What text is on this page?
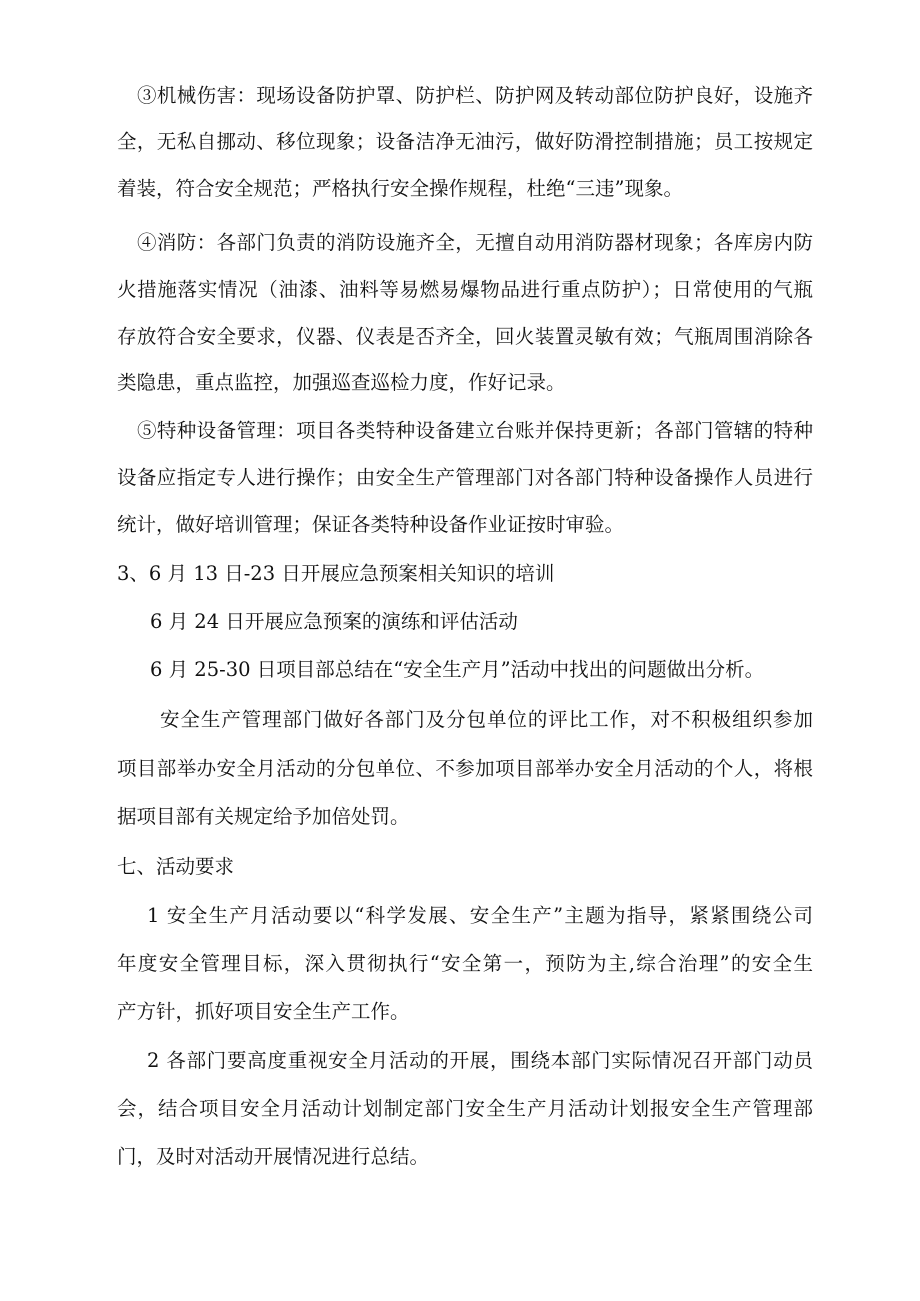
③机械伤害：现场设备防护罩、防护栏、防护网及转动部位防护良好，设施齐
全，无私自挪动、移位现象；设备洁净无油污，做好防滑控制措施；员工按规定
着装，符合安全规范；严格执行安全操作规程，杜绝“三违”现象。
④消防：各部门负责的消防设施齐全，无擅自动用消防器材现象；各库房内防
火措施落实情况（油漆、油料等易燃易爆物品进行重点防护）；日常使用的气瓶
存放符合安全要求，仪器、仪表是否齐全，回火装置灵敏有效；气瓶周围消除各
类隐患，重点监控，加强巡查巡检力度，作好记录。
⑤特种设备管理：项目各类特种设备建立台账并保持更新；各部门管辖的特种
设备应指定专人进行操作；由安全生产管理部门对各部门特种设备操作人员进行
统计，做好培训管理；保证各类特种设备作业证按时审验。
3、6 月 13 日-23 日开展应急预案相关知识的培训
6 月 24 日开展应急预案的演练和评估活动
6 月 25-30 日项目部总结在“安全生产月”活动中找出的问题做出分析。
安全生产管理部门做好各部门及分包单位的评比工作，对不积极组织参加
项目部举办安全月活动的分包单位、不参加项目部举办安全月活动的个人，将根
据项目部有关规定给予加倍处罚。
七、活动要求
1 安全生产月活动要以“科学发展、安全生产”主题为指导，紧紧围绕公司
年度安全管理目标，深入贯彻执行“安全第一，预防为主,综合治理”的安全生
产方针，抓好项目安全生产工作。
2 各部门要高度重视安全月活动的开展，围绕本部门实际情况召开部门动员
会，结合项目安全月活动计划制定部门安全生产月活动计划报安全生产管理部
门，及时对活动开展情况进行总结。
